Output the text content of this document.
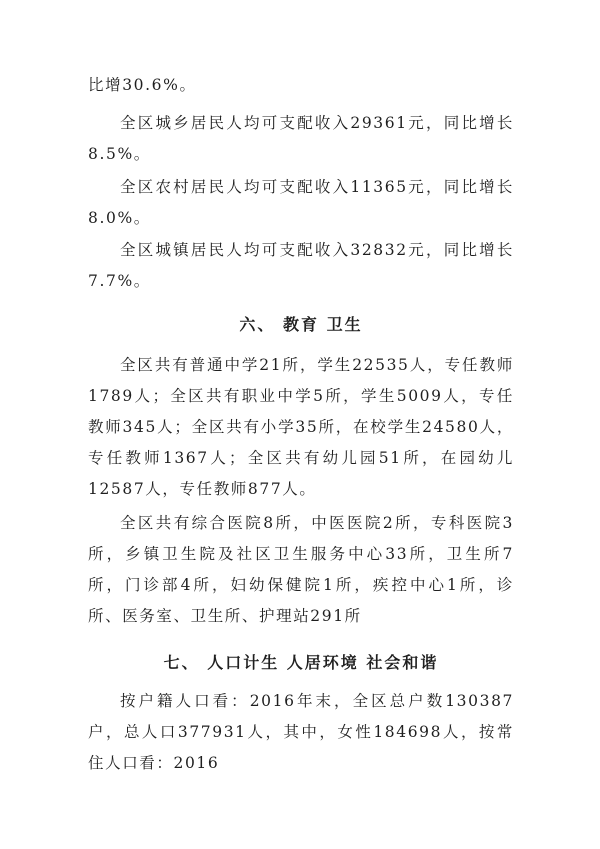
比增30.6%。

全区城乡居民人均可支配收入29361元，同比增长8.5%。

全区农村居民人均可支配收入11365元，同比增长8.0%。

全区城镇居民人均可支配收入32832元，同比增长7.7%。

六、 教育 卫生

全区共有普通中学21所，学生22535人，专任教师1789人；全区共有职业中学5所，学生5009人，专任教师345人；全区共有小学35所，在校学生24580人，专任教师1367人；全区共有幼儿园51所，在园幼儿12587人，专任教师877人。

全区共有综合医院8所，中医医院2所，专科医院3所，乡镇卫生院及社区卫生服务中心33所，卫生所7所，门诊部4所，妇幼保健院1所，疾控中心1所，诊所、医务室、卫生所、护理站291所

七、 人口计生 人居环境 社会和谐

按户籍人口看：2016年末，全区总户数130387户，总人口377931人，其中，女性184698人，按常住人口看：2016
